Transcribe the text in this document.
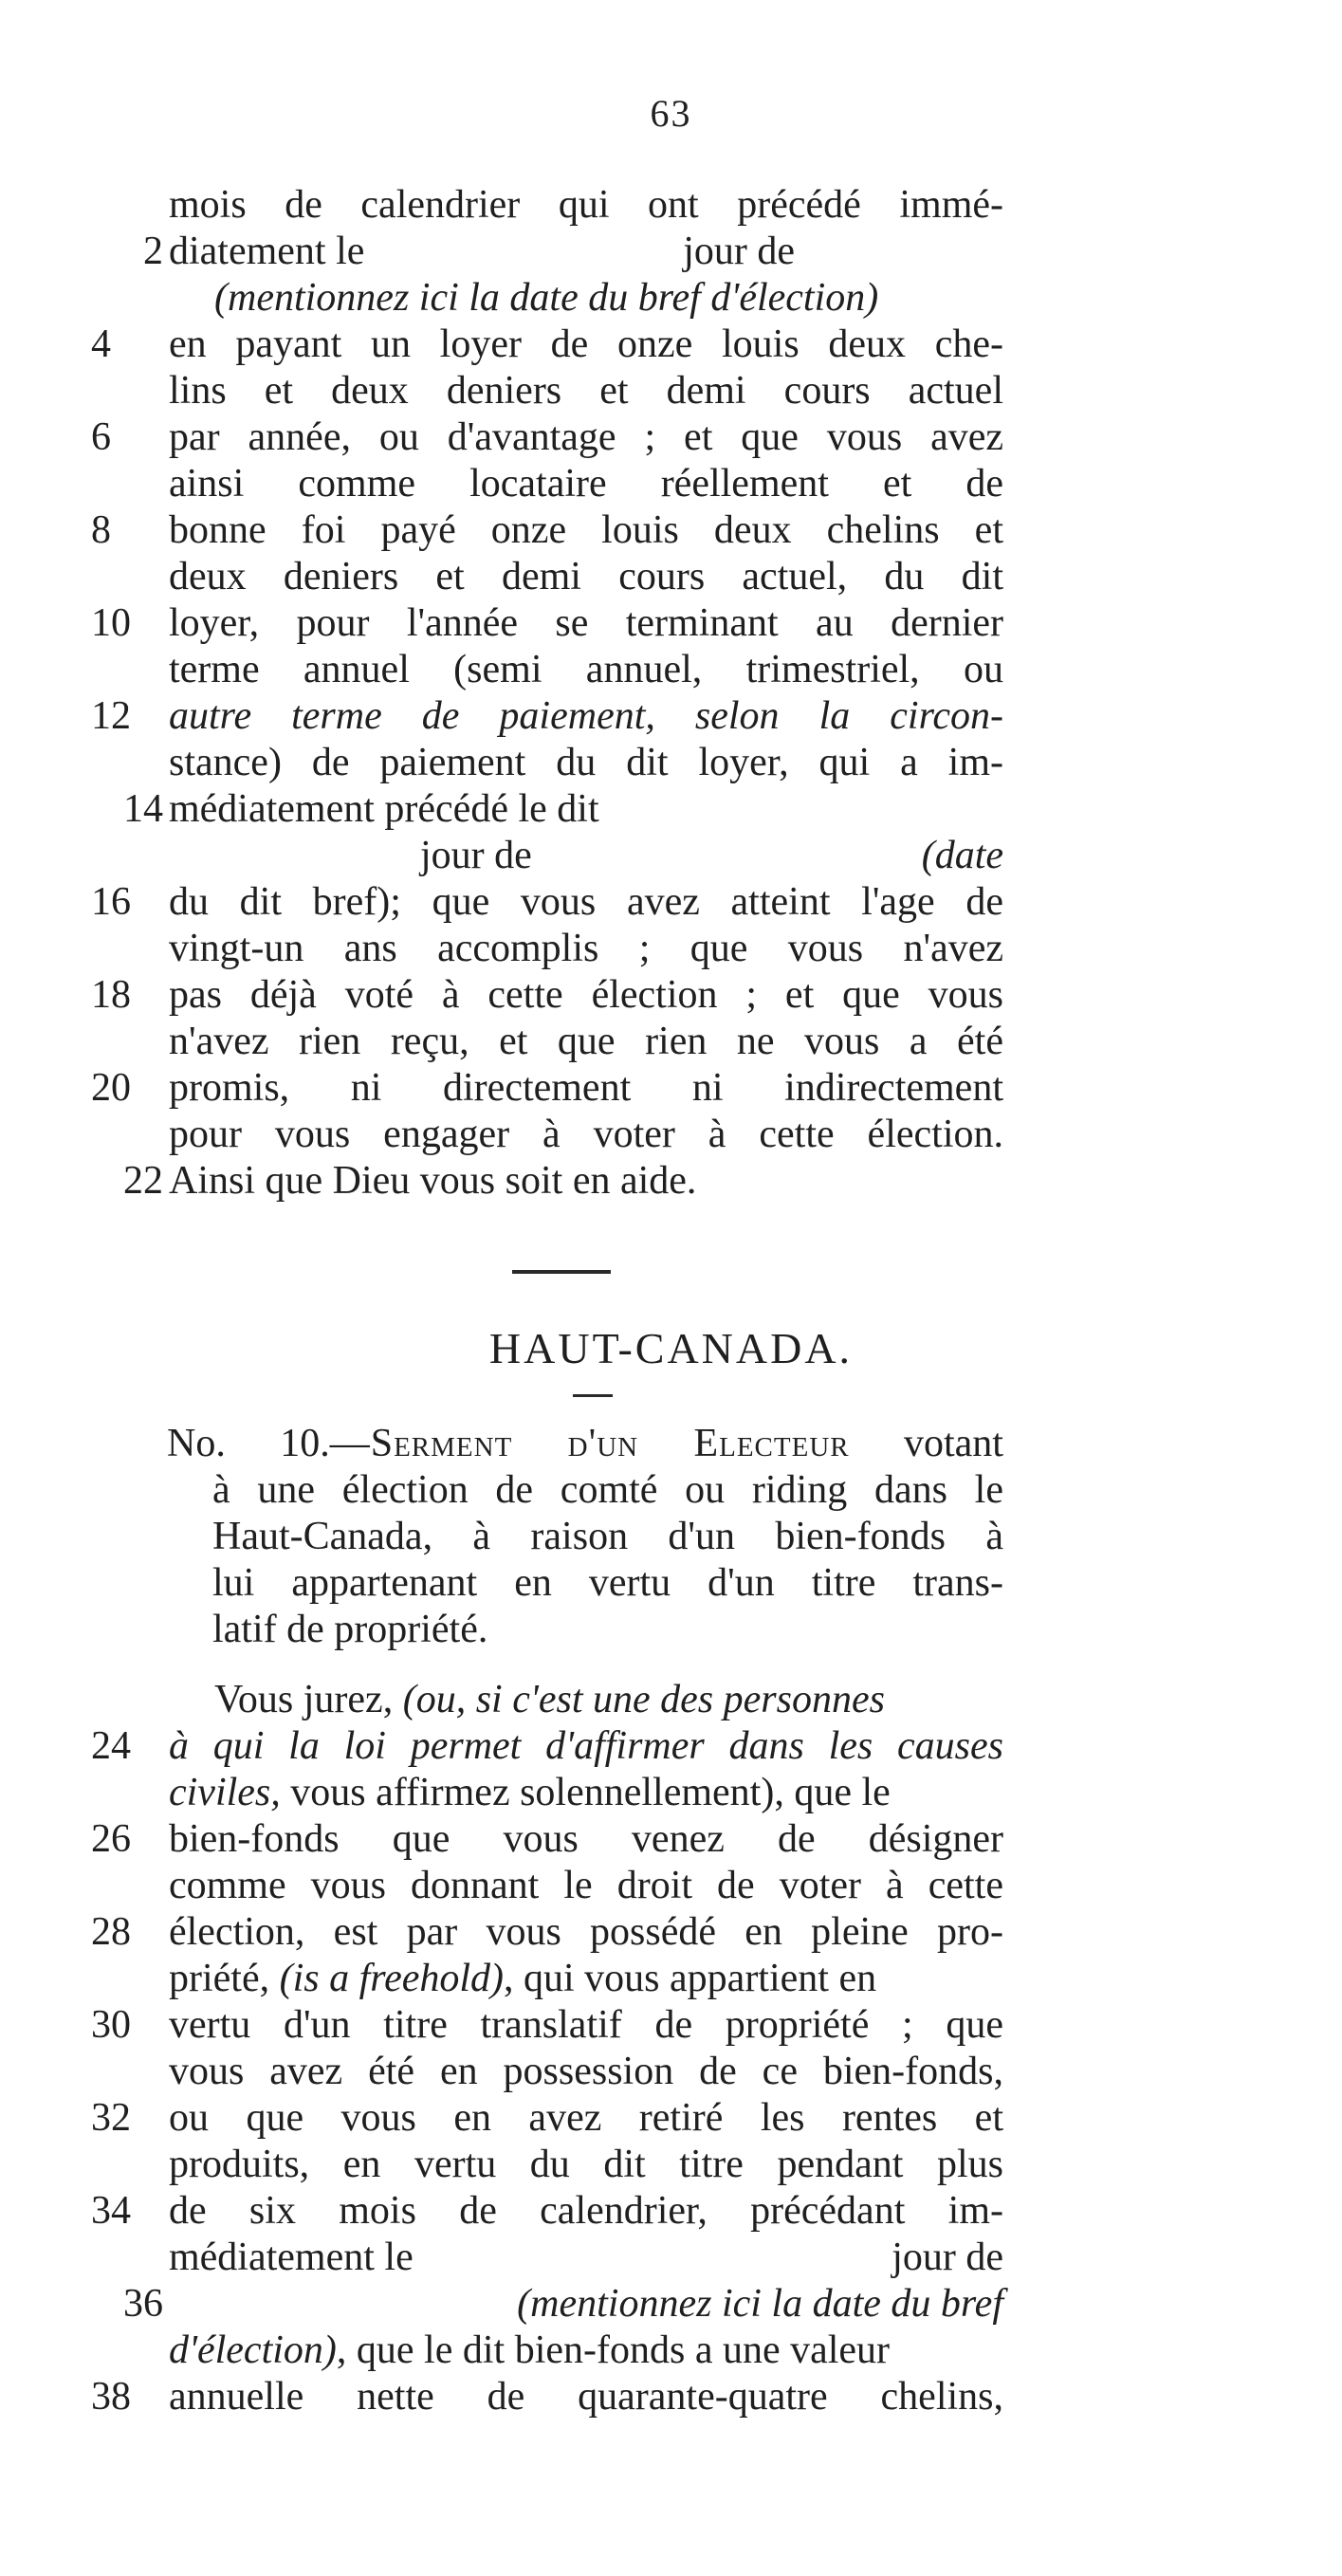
63
mois de calendrier qui ont précédé immé-
2 diatement le	jour de
(mentionnez ici la date du bref d'élection)
4	en payant un loyer de onze louis deux che-
lins et deux deniers et demi cours actuel
6	par année, ou d'avantage ; et que vous avez
ainsi comme locataire réellement et de
8	bonne foi payé onze louis deux chelins et
deux deniers et demi cours actuel, du dit
10 loyer, pour l'année se terminant au dernier
terme annuel (semi annuel, trimestriel, ou
12 autre terme de paiement, selon la circon-
stance) de paiement du dit loyer, qui a im-
14 médiatement précédé le dit
jour de	(date
16 du dit bref); que vous avez atteint l'age de
vingt-un ans accomplis ; que vous n'avez
18 pas déjà voté à cette élection ; et que vous
n'avez rien reçu, et que rien ne vous a été
20 promis, ni directement ni indirectement
pour vous engager à voter à cette élection.
22 Ainsi que Dieu vous soit en aide.
HAUT-CANADA.
No. 10.—Serment d'un Electeur votant
à une élection de comté ou riding dans le
Haut-Canada, à raison d'un bien-fonds à
lui appartenant en vertu d'un titre trans-
latif de propriété.
Vous jurez, (ou, si c'est une des personnes
24 à qui la loi permet d'affirmer dans les causes
civiles, vous affirmez solennellement), que le
26 bien-fonds que vous venez de désigner
comme vous donnant le droit de voter à cette
28 élection, est par vous possédé en pleine pro-
priété, (is a freehold), qui vous appartient en
30 vertu d'un titre translatif de propriété ; que
vous avez été en possession de ce bien-fonds,
32 ou que vous en avez retiré les rentes et
produits, en vertu du dit titre pendant plus
34 de six mois de calendrier, précédant im-
médiatement le	jour de
36	(mentionnez ici la date du bref
d'élection), que le dit bien-fonds a une valeur
38 annuelle nette de quarante-quatre chelins,
